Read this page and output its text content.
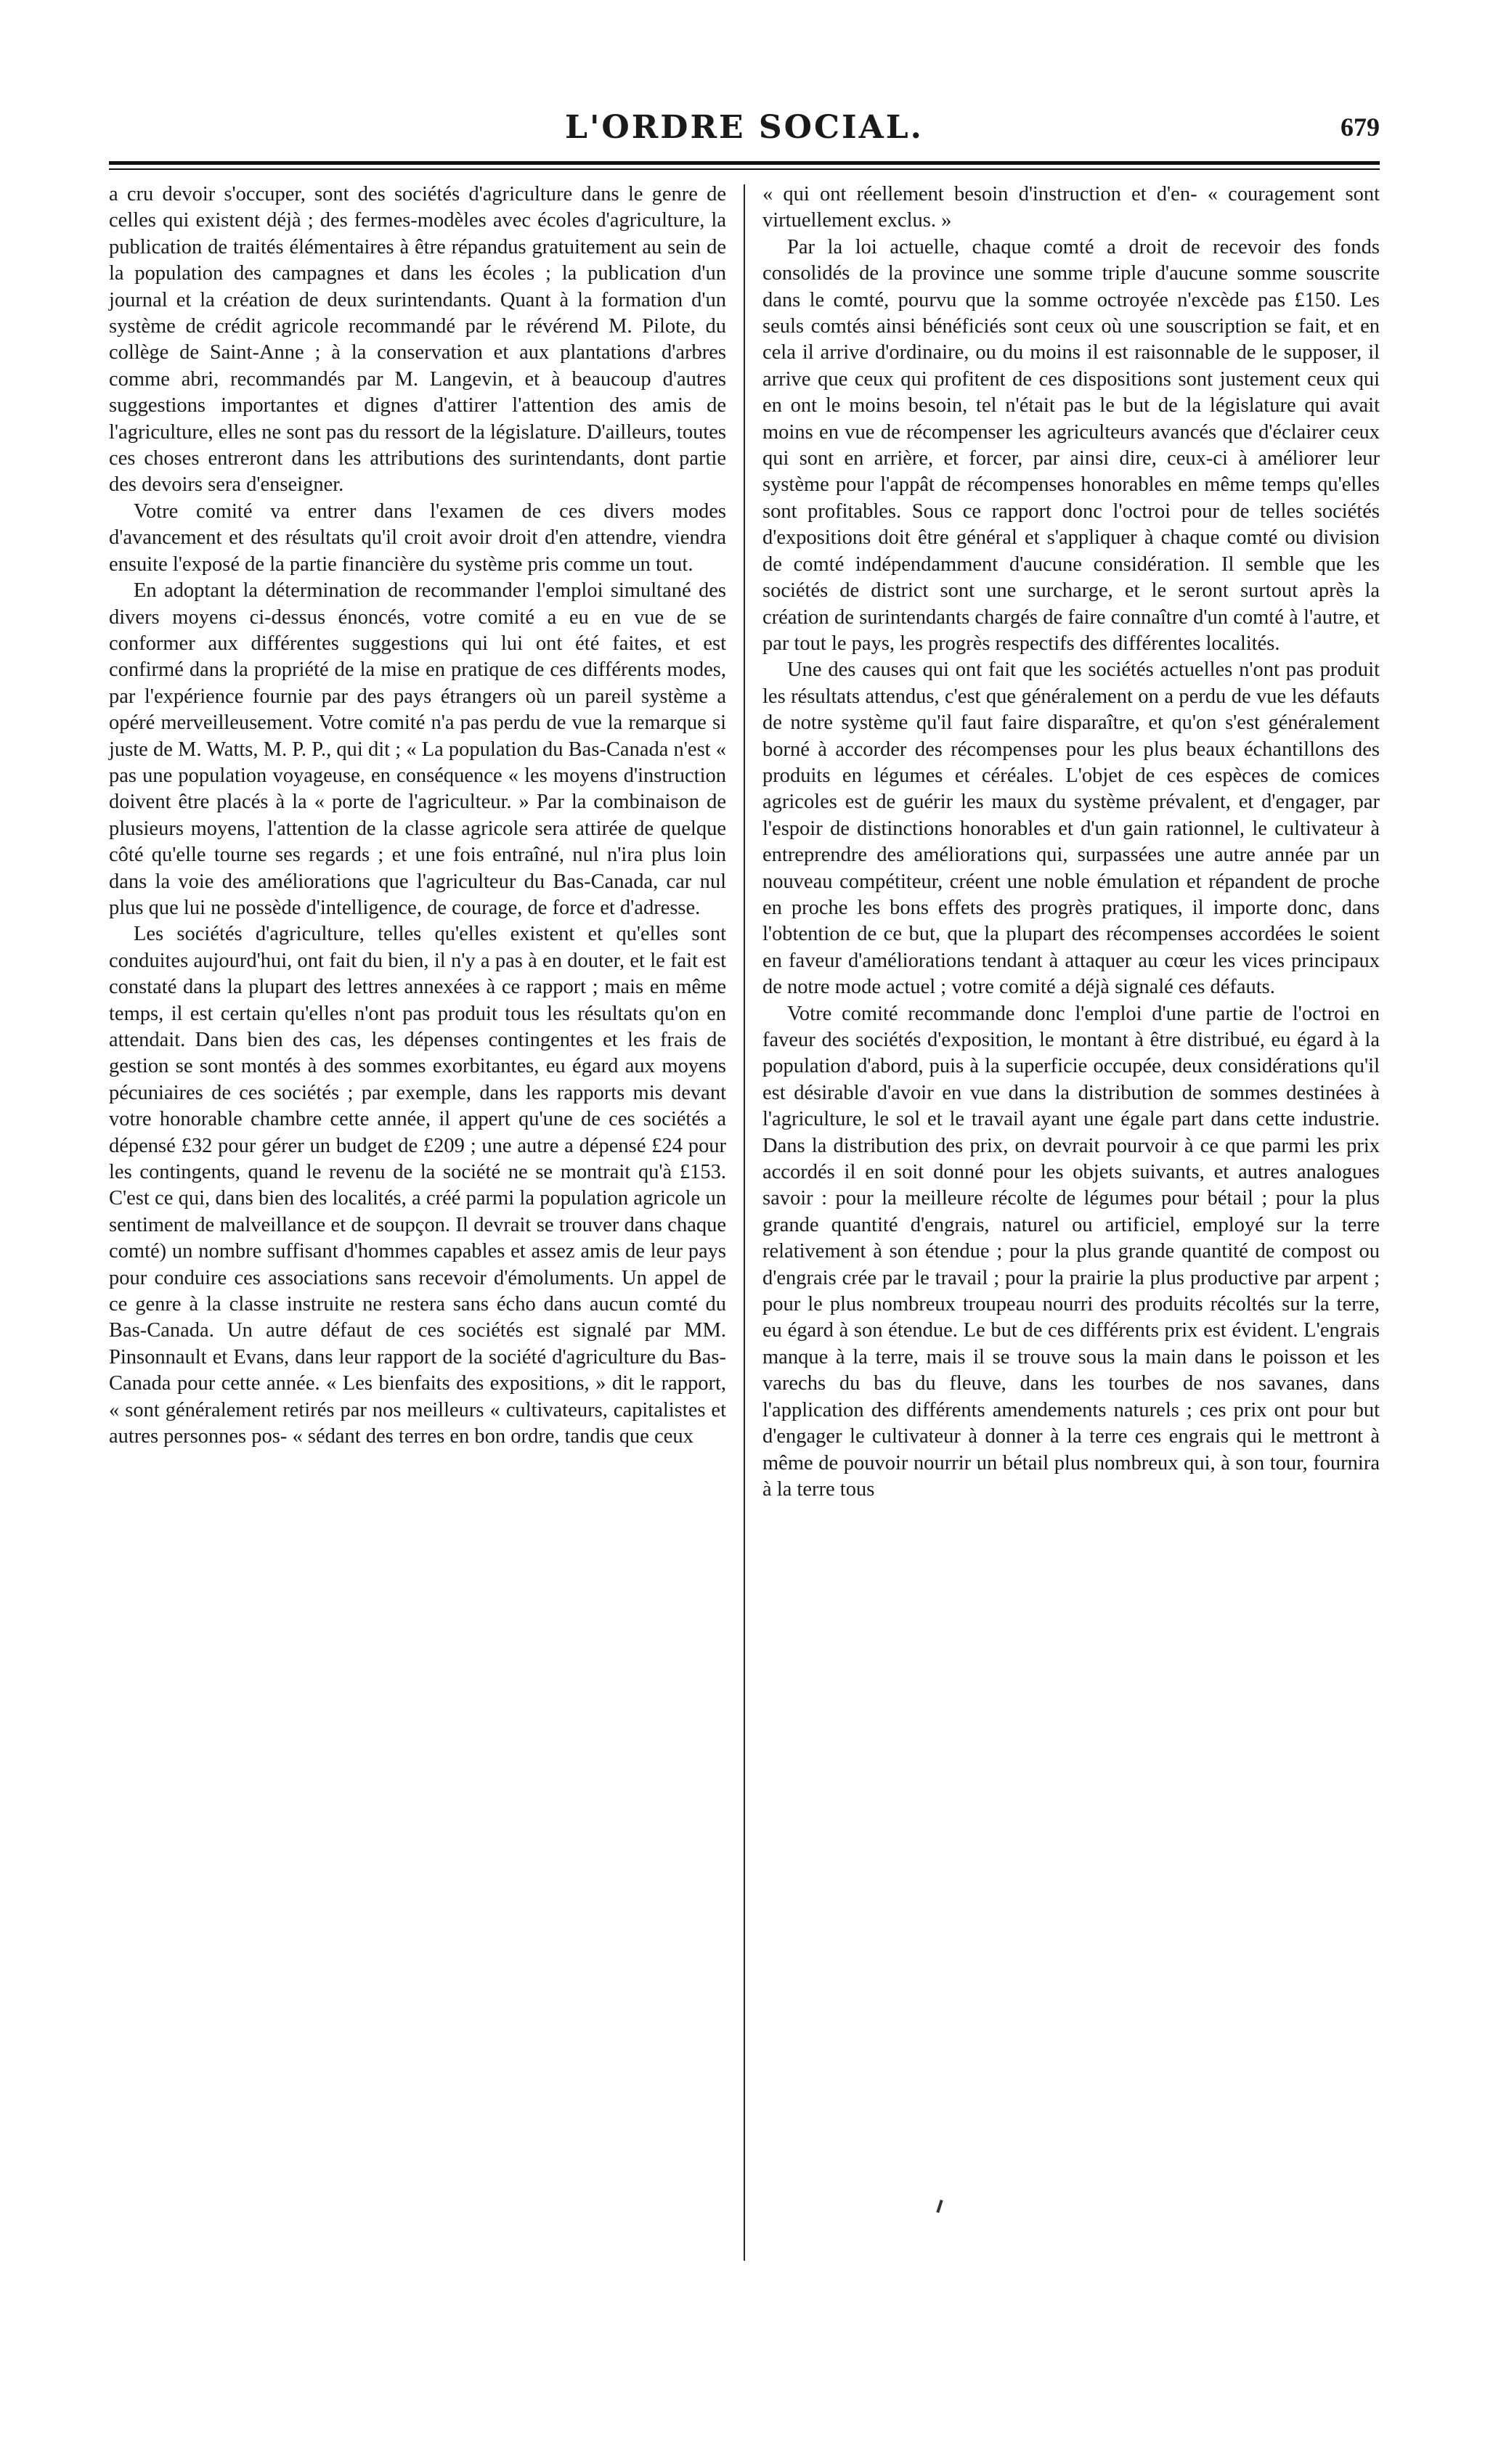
L'ORDRE SOCIAL.	679

a cru devoir s'occuper, sont des sociétés d'agriculture dans le genre de celles qui existent déjà ; des fermes-modèles avec écoles d'agriculture, la publication de traités élémentaires à être répandus gratuitement au sein de la population des campagnes et dans les écoles ; la publication d'un journal et la création de deux surintendants. Quant à la formation d'un système de crédit agricole recommandé par le révérend M. Pilote, du collège de Saint-Anne ; à la conservation et aux plantations d'arbres comme abri, recommandés par M. Langevin, et à beaucoup d'autres suggestions importantes et dignes d'attirer l'attention des amis de l'agriculture, elles ne sont pas du ressort de la législature. D'ailleurs, toutes ces choses entreront dans les attributions des surintendants, dont partie des devoirs sera d'enseigner.

Votre comité va entrer dans l'examen de ces divers modes d'avancement et des résultats qu'il croit avoir droit d'en attendre, viendra ensuite l'exposé de la partie financière du système pris comme un tout.

En adoptant la détermination de recommander l'emploi simultané des divers moyens ci-dessus énoncés, votre comité a eu en vue de se conformer aux différentes suggestions qui lui ont été faites, et est confirmé dans la propriété de la mise en pratique de ces différents modes, par l'expérience fournie par des pays étrangers où un pareil système a opéré merveilleusement. Votre comité n'a pas perdu de vue la remarque si juste de M. Watts, M. P. P., qui dit ; « La population du Bas-Canada n'est « pas une population voyageuse, en conséquence « les moyens d'instruction doivent être placés à la « porte de l'agriculteur. » Par la combinaison de plusieurs moyens, l'attention de la classe agricole sera attirée de quelque côté qu'elle tourne ses regards ; et une fois entraîné, nul n'ira plus loin dans la voie des améliorations que l'agriculteur du Bas-Canada, car nul plus que lui ne possède d'intelligence, de courage, de force et d'adresse.

Les sociétés d'agriculture, telles qu'elles existent et qu'elles sont conduites aujourd'hui, ont fait du bien, il n'y a pas à en douter, et le fait est constaté dans la plupart des lettres annexées à ce rapport ; mais en même temps, il est certain qu'elles n'ont pas produit tous les résultats qu'on en attendait. Dans bien des cas, les dépenses contingentes et les frais de gestion se sont montés à des sommes exorbitantes, eu égard aux moyens pécuniaires de ces sociétés ; par exemple, dans les rapports mis devant votre honorable chambre cette année, il appert qu'une de ces sociétés a dépensé £32 pour gérer un budget de £209 ; une autre a dépensé £24 pour les contingents, quand le revenu de la société ne se montrait qu'à £153. C'est ce qui, dans bien des localités, a créé parmi la population agricole un sentiment de malveillance et de soupçon. Il devrait se trouver dans chaque comté) un nombre suffisant d'hommes capables et assez amis de leur pays pour conduire ces associations sans recevoir d'émoluments. Un appel de ce genre à la classe instruite ne restera sans écho dans aucun comté du Bas-Canada. Un autre défaut de ces sociétés est signalé par MM. Pinsonnault et Evans, dans leur rapport de la société d'agriculture du Bas-Canada pour cette année. « Les bienfaits des expositions, » dit le rapport, « sont généralement retirés par nos meilleurs « cultivateurs, capitalistes et autres personnes pos- « sédant des terres en bon ordre, tandis que ceux

« qui ont réellement besoin d'instruction et d'en- « couragement sont virtuellement exclus. »

Par la loi actuelle, chaque comté a droit de recevoir des fonds consolidés de la province une somme triple d'aucune somme souscrite dans le comté, pourvu que la somme octroyée n'excède pas £150. Les seuls comtés ainsi bénéficiés sont ceux où une souscription se fait, et en cela il arrive d'ordinaire, ou du moins il est raisonnable de le supposer, il arrive que ceux qui profitent de ces dispositions sont justement ceux qui en ont le moins besoin, tel n'était pas le but de la législature qui avait moins en vue de récompenser les agriculteurs avancés que d'éclairer ceux qui sont en arrière, et forcer, par ainsi dire, ceux-ci à améliorer leur système pour l'appât de récompenses honorables en même temps qu'elles sont profitables. Sous ce rapport donc l'octroi pour de telles sociétés d'expositions doit être général et s'appliquer à chaque comté ou division de comté indépendamment d'aucune considération. Il semble que les sociétés de district sont une surcharge, et le seront surtout après la création de surintendants chargés de faire connaître d'un comté à l'autre, et par tout le pays, les progrès respectifs des différentes localités.

Une des causes qui ont fait que les sociétés actuelles n'ont pas produit les résultats attendus, c'est que généralement on a perdu de vue les défauts de notre système qu'il faut faire disparaître, et qu'on s'est généralement borné à accorder des récompenses pour les plus beaux échantillons des produits en légumes et céréales. L'objet de ces espèces de comices agricoles est de guérir les maux du système prévalent, et d'engager, par l'espoir de distinctions honorables et d'un gain rationnel, le cultivateur à entreprendre des améliorations qui, surpassées une autre année par un nouveau compétiteur, créent une noble émulation et répandent de proche en proche les bons effets des progrès pratiques, il importe donc, dans l'obtention de ce but, que la plupart des récompenses accordées le soient en faveur d'améliorations tendant à attaquer au cœur les vices principaux de notre mode actuel ; votre comité a déjà signalé ces défauts.

Votre comité recommande donc l'emploi d'une partie de l'octroi en faveur des sociétés d'exposition, le montant à être distribué, eu égard à la population d'abord, puis à la superficie occupée, deux considérations qu'il est désirable d'avoir en vue dans la distribution de sommes destinées à l'agriculture, le sol et le travail ayant une égale part dans cette industrie. Dans la distribution des prix, on devrait pourvoir à ce que parmi les prix accordés il en soit donné pour les objets suivants, et autres analogues savoir : pour la meilleure récolte de légumes pour bétail ; pour la plus grande quantité d'engrais, naturel ou artificiel, employé sur la terre relativement à son étendue ; pour la plus grande quantité de compost ou d'engrais crée par le travail ; pour la prairie la plus productive par arpent ; pour le plus nombreux troupeau nourri des produits récoltés sur la terre, eu égard à son étendue. Le but de ces différents prix est évident. L'engrais manque à la terre, mais il se trouve sous la main dans le poisson et les varechs du bas du fleuve, dans les tourbes de nos savanes, dans l'application des différents amendements naturels ; ces prix ont pour but d'engager le cultivateur à donner à la terre ces engrais qui le mettront à même de pouvoir nourrir un bétail plus nombreux qui, à son tour, fournira à la terre tous
